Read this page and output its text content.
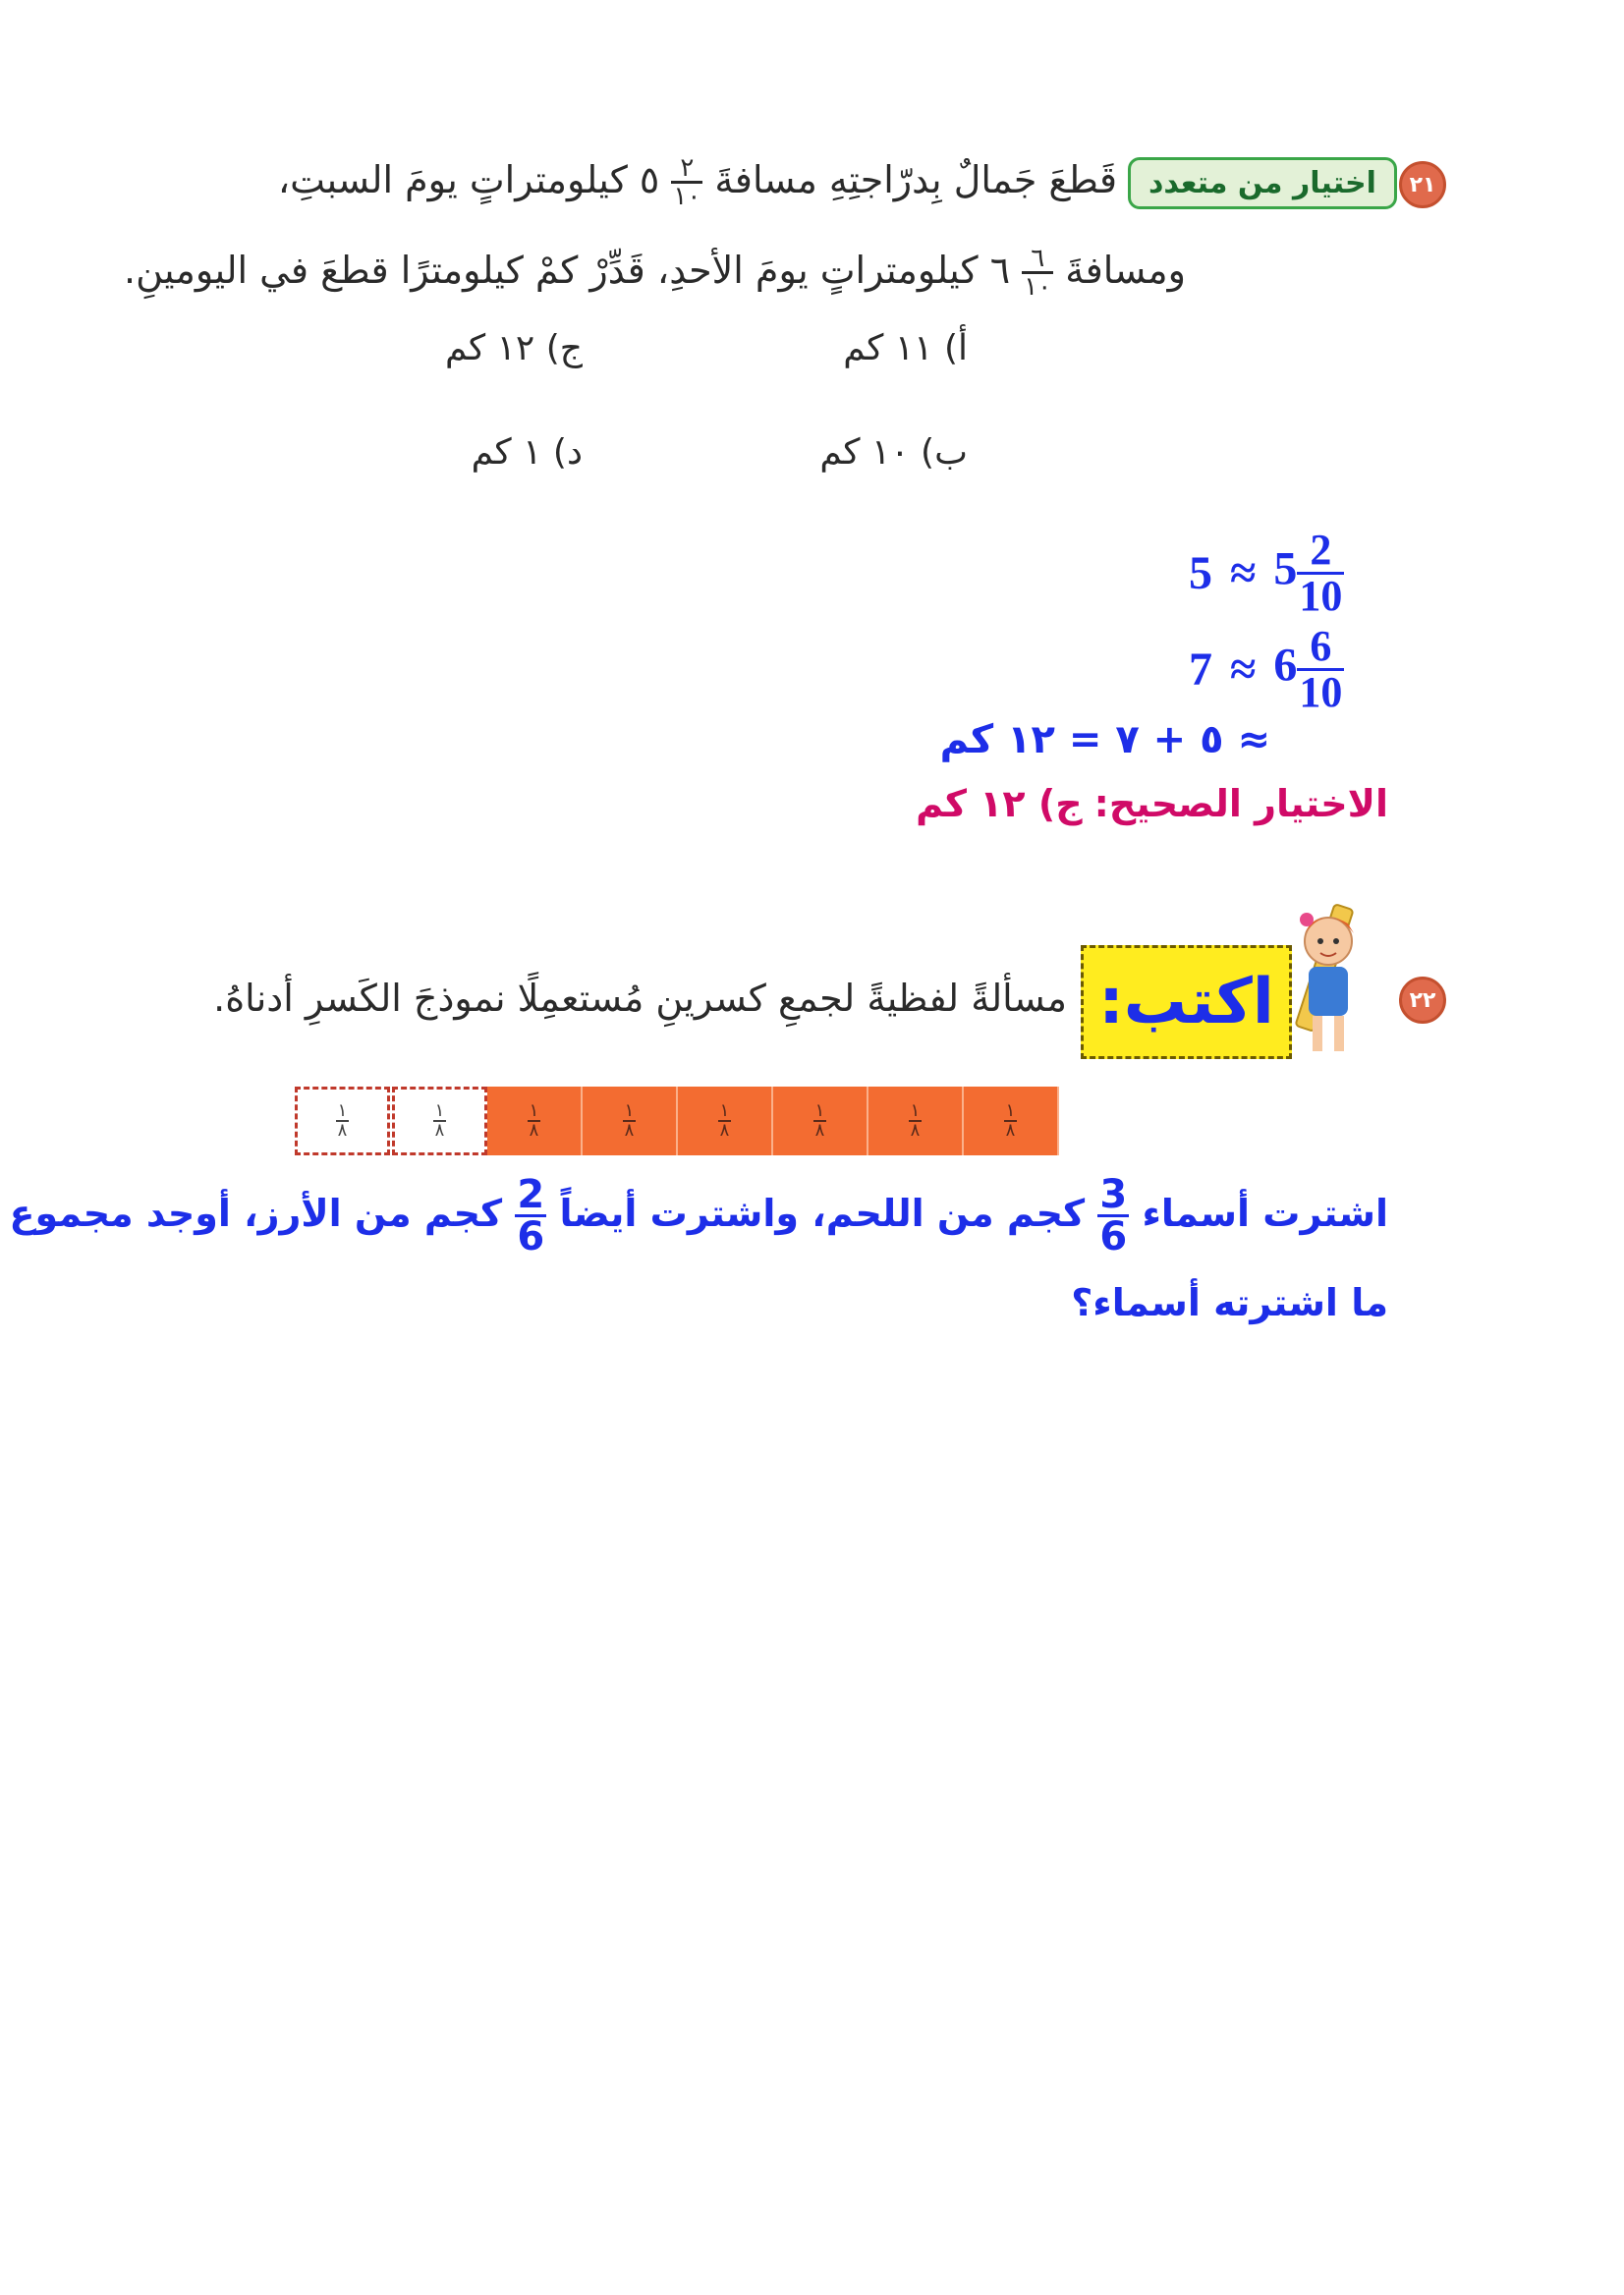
٢١
اختيار من متعدد
قَطعَ جَمالٌ بِدرّاجتِهِ مسافةَ
$\frac{٢}{١٠}$
٥ كيلومتراتٍ يومَ السبتِ،
ومسافةَ
$\frac{٦}{١٠}$
٦ كيلومتراتٍ يومَ الأحدِ، قَدِّرْ كمْ كيلومترًا قطعَ في اليومينِ.
أ) ١١ كم
ج) ١٢ كم
ب) ١٠ كم
د) ١ كم
$5 \approx 5 \frac{2}{10}$
$7 \approx 6 \frac{6}{10}$
≈ ٥ + ٧ = ١٢ كم
الاختيار الصحيح: ج) ١٢ كم
٢٢
اكتب:
مسألةً لفظيةً لجمعِ كسرينِ مُستعمِلًا نموذجَ الكَسرِ أدناهُ.
$\frac{١}{٨}$	$\frac{١}{٨}$	$\frac{١}{٨}$	$\frac{١}{٨}$	$\frac{١}{٨}$	$\frac{١}{٨}$	$\frac{١}{٨}$	$\frac{١}{٨}$
اشترت أسماء
$\frac{3}{6}$
كجم من اللحم، واشترت أيضاً
$\frac{2}{6}$
كجم من الأرز، أوجد مجموع
ما اشترته أسماء؟
